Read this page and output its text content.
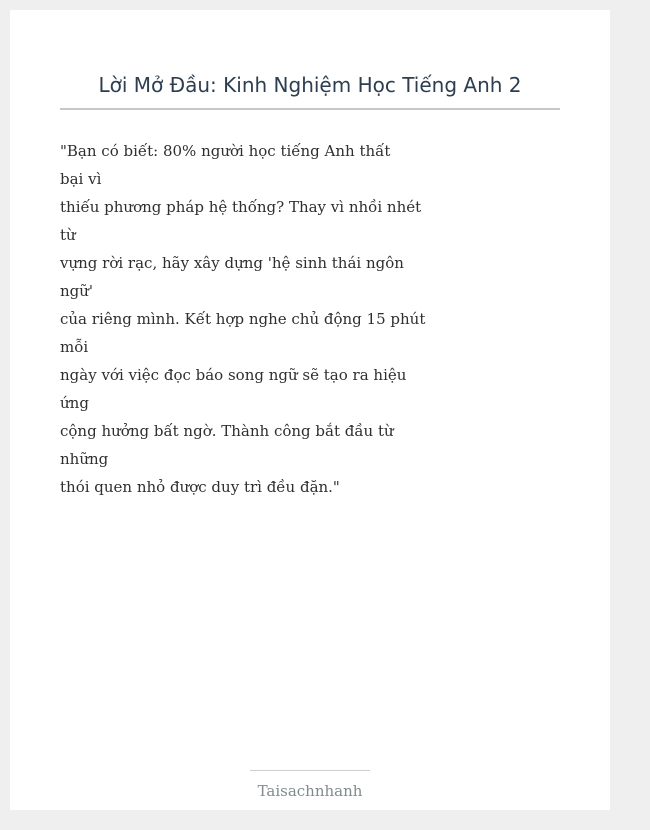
Lời Mở Đầu: Kinh Nghiệm Học Tiếng Anh 2
"Bạn có biết: 80% người học tiếng Anh thất
bại vì
thiếu phương pháp hệ thống? Thay vì nhồi nhét
từ
vựng rời rạc, hãy xây dựng 'hệ sinh thái ngôn
ngữ'
của riêng mình. Kết hợp nghe chủ động 15 phút
mỗi
ngày với việc đọc báo song ngữ sẽ tạo ra hiệu
ứng
cộng hưởng bất ngờ. Thành công bắt đầu từ
những
thói quen nhỏ được duy trì đều đặn."
Taisachnhanh
